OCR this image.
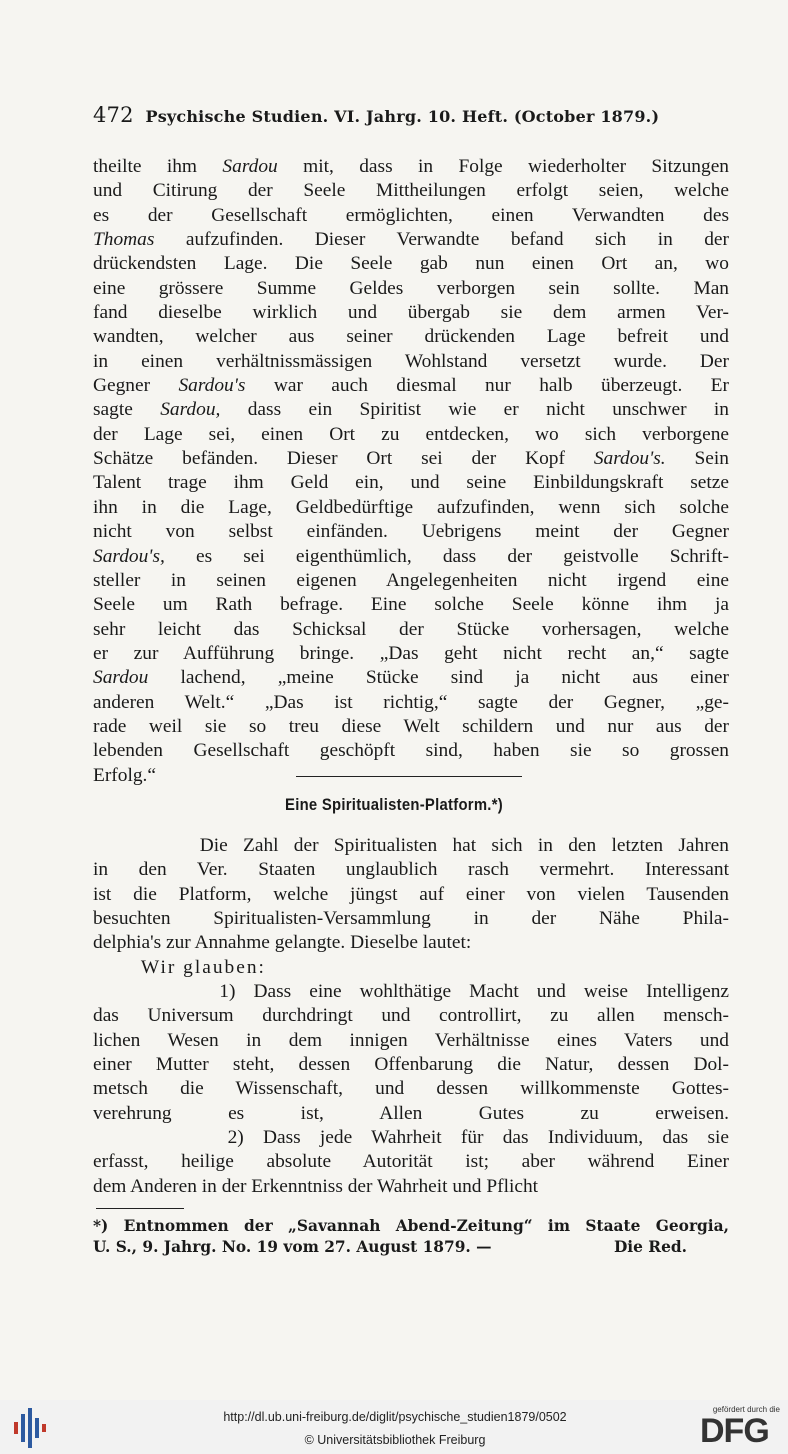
472 Psychische Studien. VI. Jahrg. 10. Heft. (October 1879.)

theilte ihm Sardou mit, dass in Folge wiederholter Sitzungen

und Citirung der Seele Mittheilungen erfolgt seien, welche

es der Gesellschaft ermöglichten, einen Verwandten des

Thomas aufzufinden. Dieser Verwandte befand sich in der

drückendsten Lage. Die Seele gab nun einen Ort an, wo

eine grössere Summe Geldes verborgen sein sollte. Man

fand dieselbe wirklich und übergab sie dem armen Ver-

wandten, welcher aus seiner drückenden Lage befreit und

in einen verhältnissmässigen Wohlstand versetzt wurde. Der

Gegner Sardou's war auch diesmal nur halb überzeugt. Er

sagte Sardou, dass ein Spiritist wie er nicht unschwer in

der Lage sei, einen Ort zu entdecken, wo sich verborgene

Schätze befänden. Dieser Ort sei der Kopf Sardou's. Sein

Talent trage ihm Geld ein, und seine Einbildungskraft setze

ihn in die Lage, Geldbedürftige aufzufinden, wenn sich solche

nicht von selbst einfänden. Uebrigens meint der Gegner

Sardou's, es sei eigenthümlich, dass der geistvolle Schrift-

steller in seinen eigenen Angelegenheiten nicht irgend eine

Seele um Rath befrage. Eine solche Seele könne ihm ja

sehr leicht das Schicksal der Stücke vorhersagen, welche

er zur Aufführung bringe. „Das geht nicht recht an,“ sagte

Sardou lachend, „meine Stücke sind ja nicht aus einer

anderen Welt.“ „Das ist richtig,“ sagte der Gegner, „ge-

rade weil sie so treu diese Welt schildern und nur aus der

lebenden Gesellschaft geschöpft sind, haben sie so grossen

Erfolg.“

Eine Spiritualisten-Platform.*)

Die Zahl der Spiritualisten hat sich in den letzten Jahren

in den Ver. Staaten unglaublich rasch vermehrt. Interessant

ist die Platform, welche jüngst auf einer von vielen Tausenden

besuchten Spiritualisten-Versammlung in der Nähe Phila-

delphia's zur Annahme gelangte. Dieselbe lautet:

Wir glauben:

1) Dass eine wohlthätige Macht und weise Intelligenz

das Universum durchdringt und controllirt, zu allen mensch-

lichen Wesen in dem innigen Verhältnisse eines Vaters und

einer Mutter steht, dessen Offenbarung die Natur, dessen Dol-

metsch die Wissenschaft, und dessen willkommenste Gottes-

verehrung es ist, Allen Gutes zu erweisen.

2) Dass jede Wahrheit für das Individuum, das sie

erfasst, heilige absolute Autorität ist; aber während Einer

dem Anderen in der Erkenntniss der Wahrheit und Pflicht

*) Entnommen der „Savannah Abend-Zeitung“ im Staate Georgia,

U. S., 9. Jahrg. No. 19 vom 27. August 1879. —	Die Red.
http://dl.ub.uni-freiburg.de/diglit/psychische_studien1879/0502
© Universitätsbibliothek Freiburg
gefördert durch die
DFG
